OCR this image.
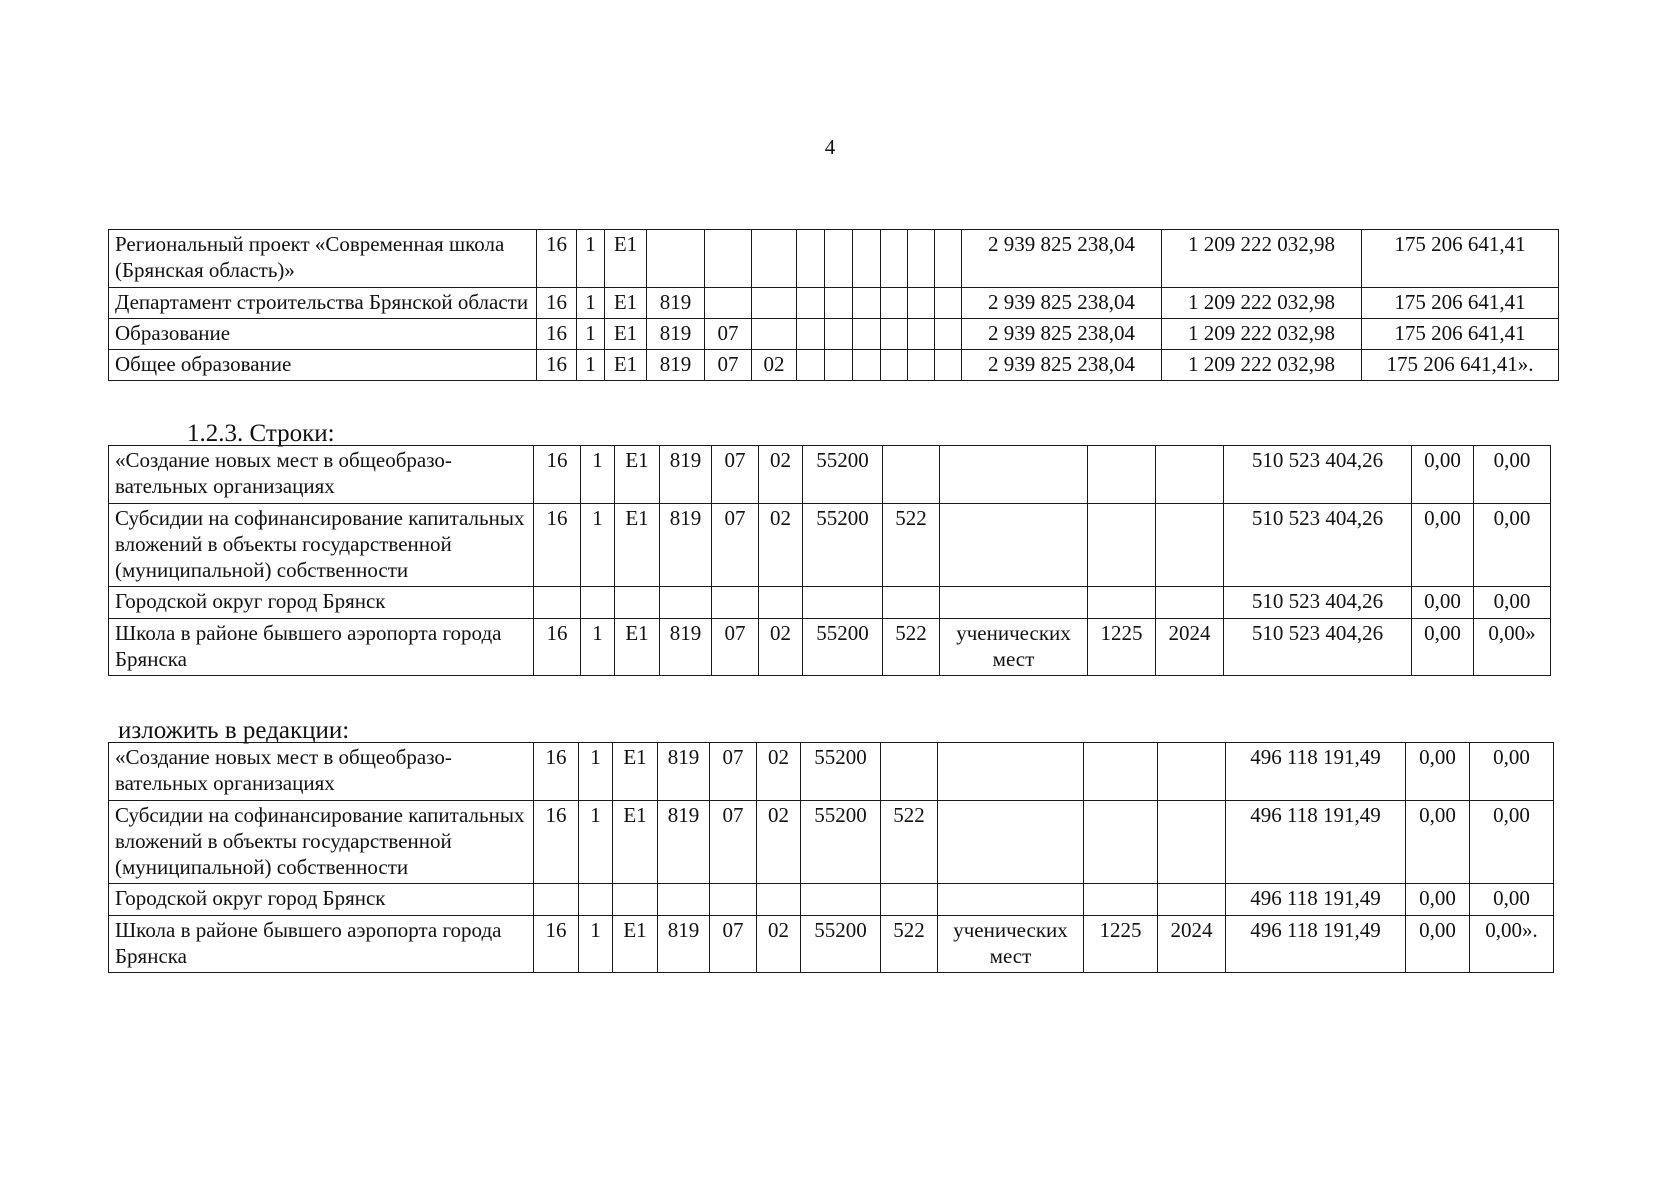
4
Региональный проект «Современная школа (Брянская область)»	16	1	E1										2 939 825 238,04	1 209 222 032,98	175 206 641,41
Департамент строительства Брянской области	16	1	E1	819									2 939 825 238,04	1 209 222 032,98	175 206 641,41
Образование	16	1	E1	819	07								2 939 825 238,04	1 209 222 032,98	175 206 641,41
Общее образование	16	1	E1	819	07	02							2 939 825 238,04	1 209 222 032,98	175 206 641,41».
1.2.3. Строки:
«Создание новых мест в общеобразо-вательных организациях	16	1	E1	819	07	02	55200					510 523 404,26	0,00	0,00
Субсидии на софинансирование капитальных вложений в объекты государственной (муниципальной) собственности	16	1	E1	819	07	02	55200	522				510 523 404,26	0,00	0,00
Городской округ город Брянск												510 523 404,26	0,00	0,00
Школа в районе бывшего аэропорта города Брянска	16	1	E1	819	07	02	55200	522	ученических мест	1225	2024	510 523 404,26	0,00	0,00»
изложить в редакции:
«Создание новых мест в общеобразо-вательных организациях	16	1	E1	819	07	02	55200					496 118 191,49	0,00	0,00
Субсидии на софинансирование капитальных вложений в объекты государственной (муниципальной) собственности	16	1	E1	819	07	02	55200	522				496 118 191,49	0,00	0,00
Городской округ город Брянск												496 118 191,49	0,00	0,00
Школа в районе бывшего аэропорта города Брянска	16	1	E1	819	07	02	55200	522	ученических мест	1225	2024	496 118 191,49	0,00	0,00».
